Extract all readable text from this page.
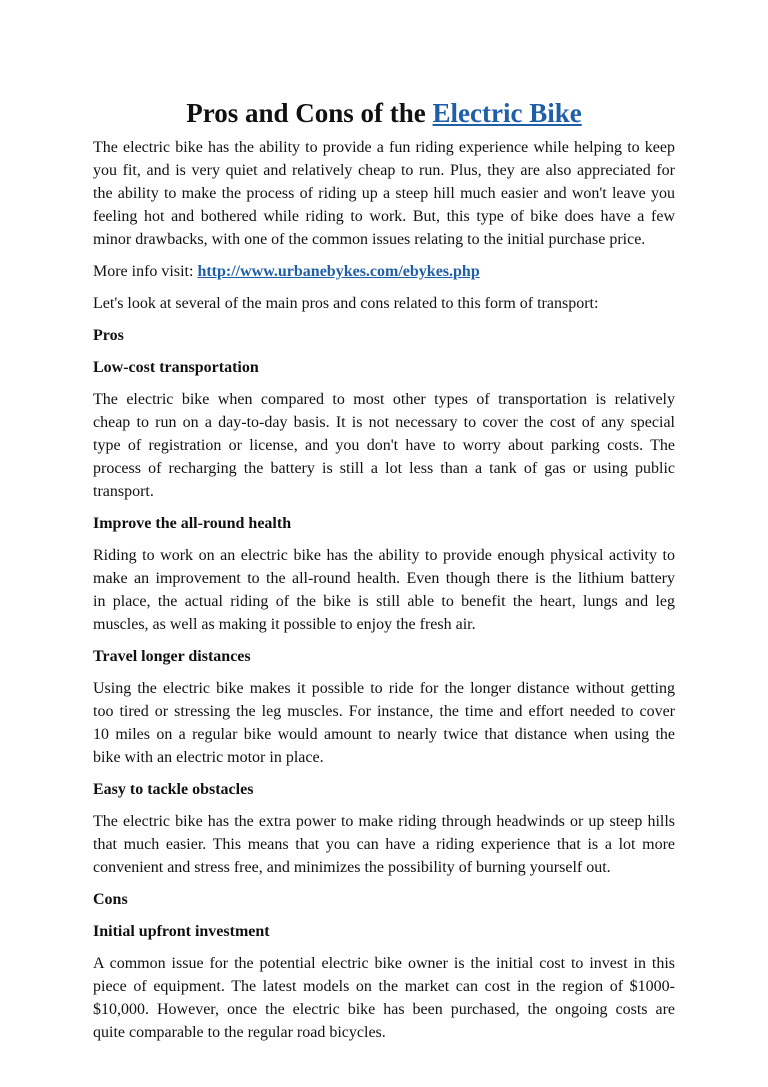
Pros and Cons of the Electric Bike
The electric bike has the ability to provide a fun riding experience while helping to keep
you fit, and is very quiet and relatively cheap to run. Plus, they are also appreciated for
the ability to make the process of riding up a steep hill much easier and won't leave you
feeling hot and bothered while riding to work. But, this type of bike does have a few
minor drawbacks, with one of the common issues relating to the initial purchase price.
More info visit: http://www.urbanebykes.com/ebykes.php
Let's look at several of the main pros and cons related to this form of transport:
Pros
Low-cost transportation
The electric bike when compared to most other types of transportation is relatively
cheap to run on a day-to-day basis. It is not necessary to cover the cost of any special
type of registration or license, and you don't have to worry about parking costs. The
process of recharging the battery is still a lot less than a tank of gas or using public
transport.
Improve the all-round health
Riding to work on an electric bike has the ability to provide enough physical activity to
make an improvement to the all-round health. Even though there is the lithium battery
in place, the actual riding of the bike is still able to benefit the heart, lungs and leg
muscles, as well as making it possible to enjoy the fresh air.
Travel longer distances
Using the electric bike makes it possible to ride for the longer distance without getting
too tired or stressing the leg muscles. For instance, the time and effort needed to cover
10 miles on a regular bike would amount to nearly twice that distance when using the
bike with an electric motor in place.
Easy to tackle obstacles
The electric bike has the extra power to make riding through headwinds or up steep hills
that much easier. This means that you can have a riding experience that is a lot more
convenient and stress free, and minimizes the possibility of burning yourself out.
Cons
Initial upfront investment
A common issue for the potential electric bike owner is the initial cost to invest in this
piece of equipment. The latest models on the market can cost in the region of $1000-
$10,000. However, once the electric bike has been purchased, the ongoing costs are
quite comparable to the regular road bicycles.
